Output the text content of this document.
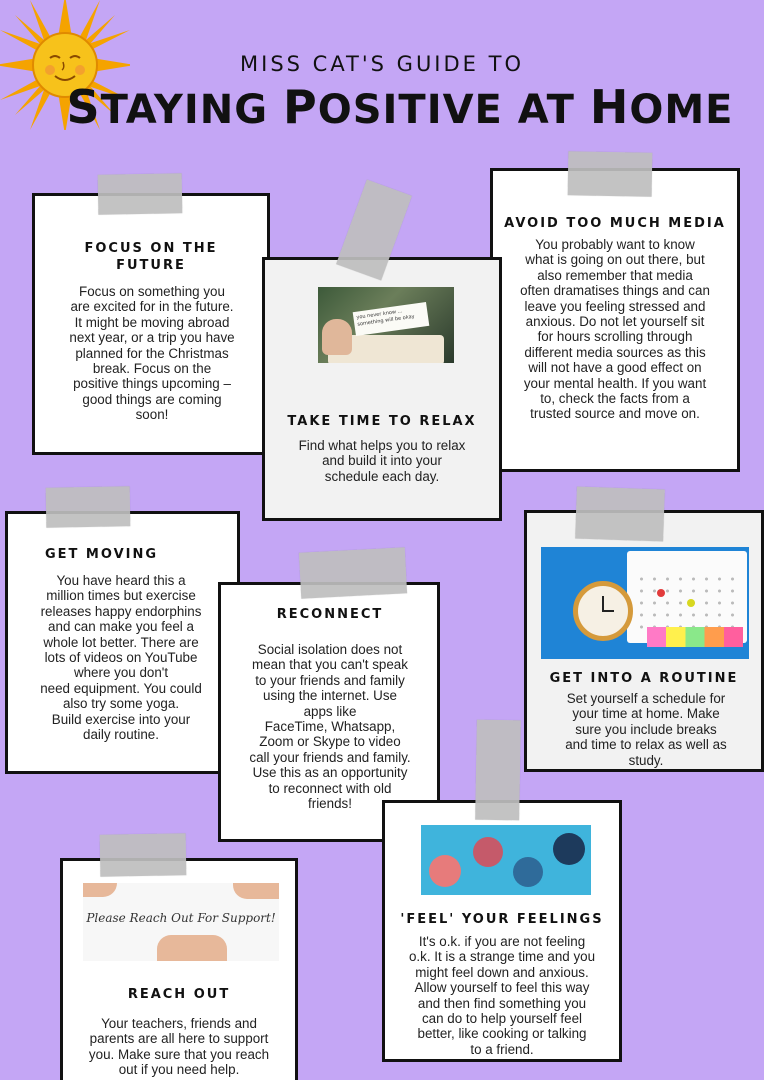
MISS CAT'S GUIDE TO
STAYING POSITIVE AT HOME
FOCUS ON THE FUTURE

Focus on something you
are excited for in the future.
It might be moving abroad
next year, or a trip you have
planned for the Christmas
break. Focus on the
positive things upcoming –
good things are coming
soon!

AVOID TOO MUCH MEDIA

You probably want to know
what is going on out there, but
also remember that media
often dramatises things and can
leave you feeling stressed and
anxious. Do not let yourself sit
for hours scrolling through
different media sources as this
will not have a good effect on
your mental health. If you want
to, check the facts from a
trusted source and move on.

you never know ... something will be okay
TAKE TIME TO RELAX

Find what helps you to relax
and build it into your
schedule each day.

GET MOVING

You have heard this a
million times but exercise
releases happy endorphins
and can make you feel a
whole lot better. There are
lots of videos on YouTube
where you don't
need equipment. You could
also try some yoga.
Build exercise into your
daily routine.

RECONNECT

Social isolation does not
mean that you can't speak
to your friends and family
using the internet. Use
apps like
FaceTime, Whatsapp,
Zoom or Skype to video
call your friends and family.
Use this as an opportunity
to reconnect with old
friends!

GET INTO A ROUTINE

Set yourself a schedule for
your time at home. Make
sure you include breaks
and time to relax as well as
study.

'FEEL' YOUR FEELINGS

It's o.k. if you are not feeling
o.k. It is a strange time and you
might feel down and anxious.
Allow yourself to feel this way
and then find something you
can do to help yourself feel
better, like cooking or talking
to a friend.

Please Reach Out For Support!
REACH OUT

Your teachers, friends and
parents are all here to support
you. Make sure that you reach
out if you need help.
